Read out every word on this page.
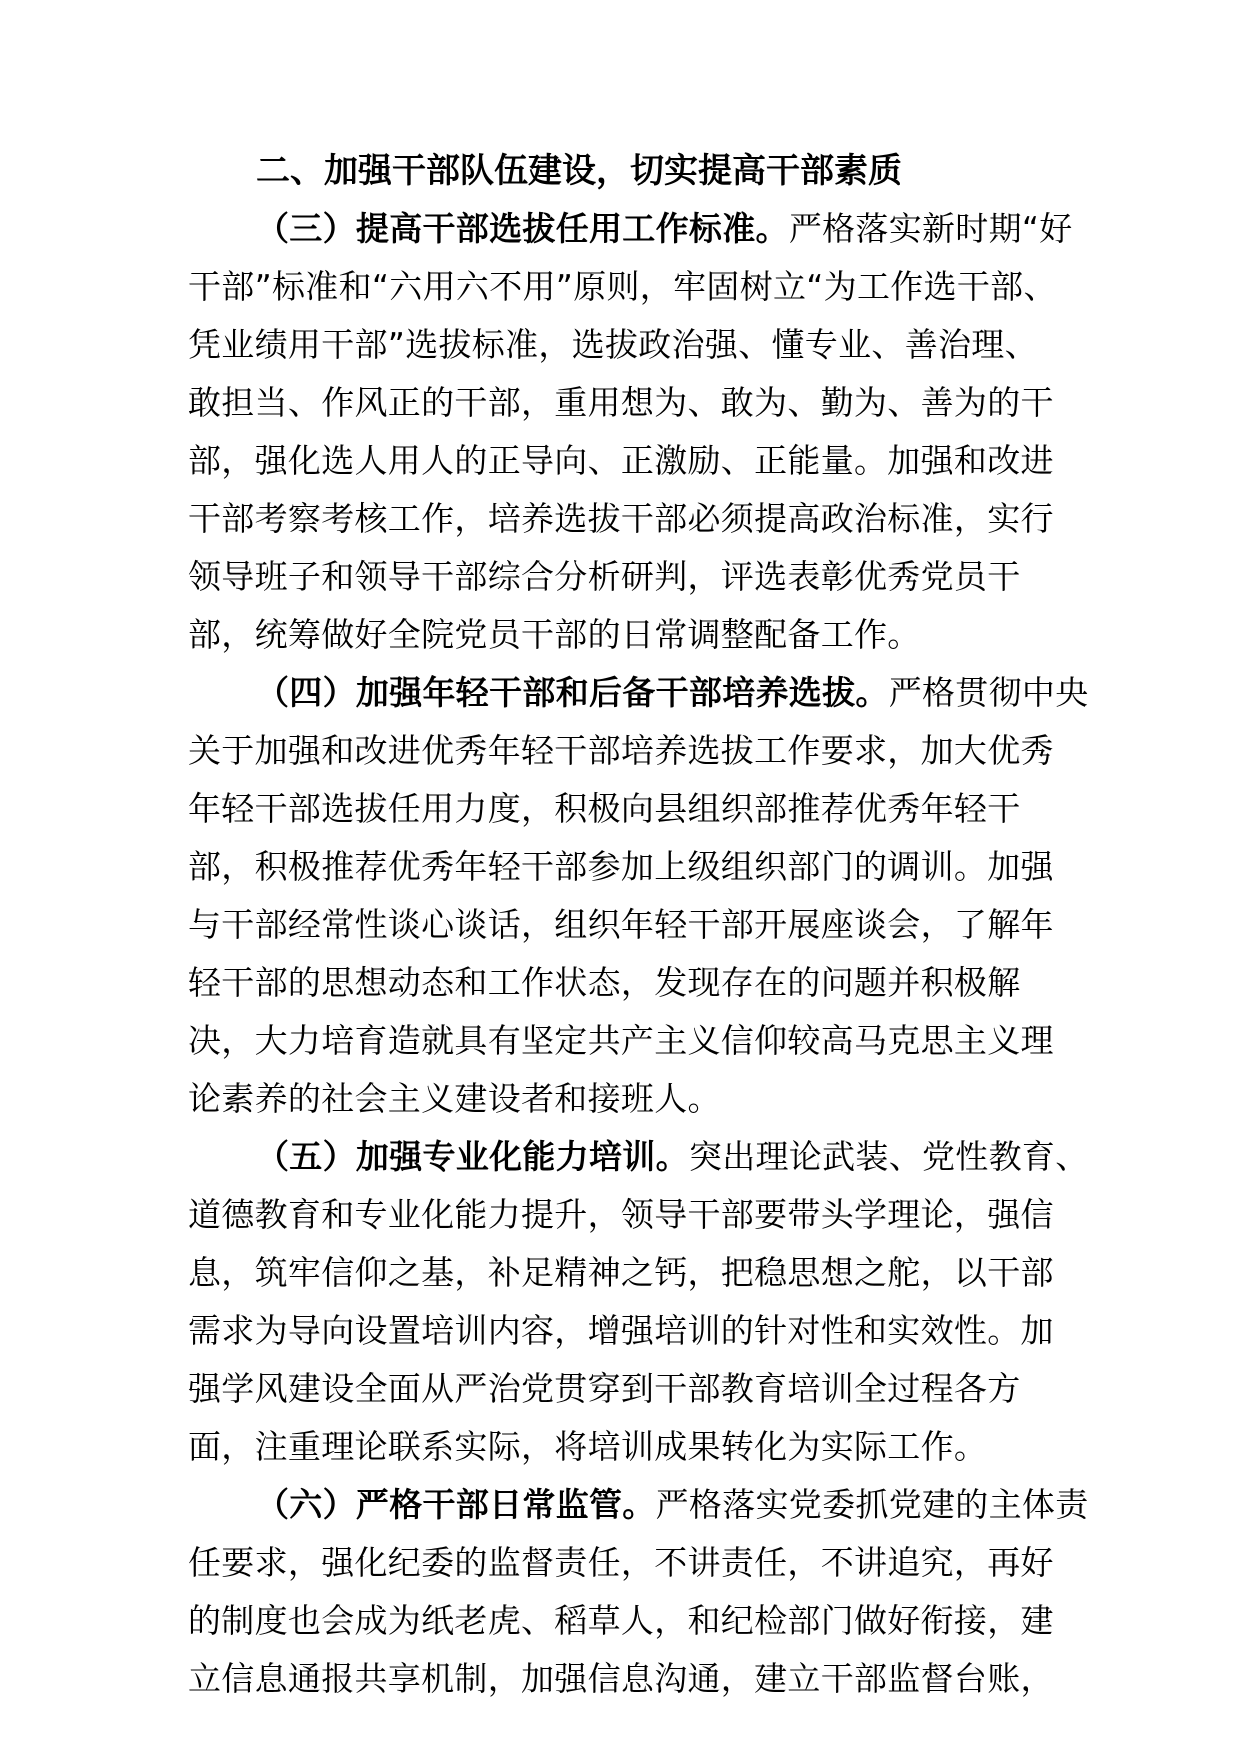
二、加强干部队伍建设，切实提高干部素质
（三）提高干部选拔任用工作标准。严格落实新时期“好
干部”标准和“六用六不用”原则，牢固树立“为工作选干部、
凭业绩用干部”选拔标准，选拔政治强、懂专业、善治理、
敢担当、作风正的干部，重用想为、敢为、勤为、善为的干
部，强化选人用人的正导向、正激励、正能量。加强和改进
干部考察考核工作，培养选拔干部必须提高政治标准，实行
领导班子和领导干部综合分析研判，评选表彰优秀党员干
部，统筹做好全院党员干部的日常调整配备工作。
（四）加强年轻干部和后备干部培养选拔。严格贯彻中央
关于加强和改进优秀年轻干部培养选拔工作要求，加大优秀
年轻干部选拔任用力度，积极向县组织部推荐优秀年轻干
部，积极推荐优秀年轻干部参加上级组织部门的调训。加强
与干部经常性谈心谈话，组织年轻干部开展座谈会，了解年
轻干部的思想动态和工作状态，发现存在的问题并积极解
决，大力培育造就具有坚定共产主义信仰较高马克思主义理
论素养的社会主义建设者和接班人。
（五）加强专业化能力培训。突出理论武装、党性教育、
道德教育和专业化能力提升，领导干部要带头学理论，强信
息，筑牢信仰之基，补足精神之钙，把稳思想之舵，以干部
需求为导向设置培训内容，增强培训的针对性和实效性。加
强学风建设全面从严治党贯穿到干部教育培训全过程各方
面，注重理论联系实际，将培训成果转化为实际工作。
（六）严格干部日常监管。严格落实党委抓党建的主体责
任要求，强化纪委的监督责任，不讲责任，不讲追究，再好
的制度也会成为纸老虎、稻草人，和纪检部门做好衔接，建
立信息通报共享机制，加强信息沟通，建立干部监督台账，
